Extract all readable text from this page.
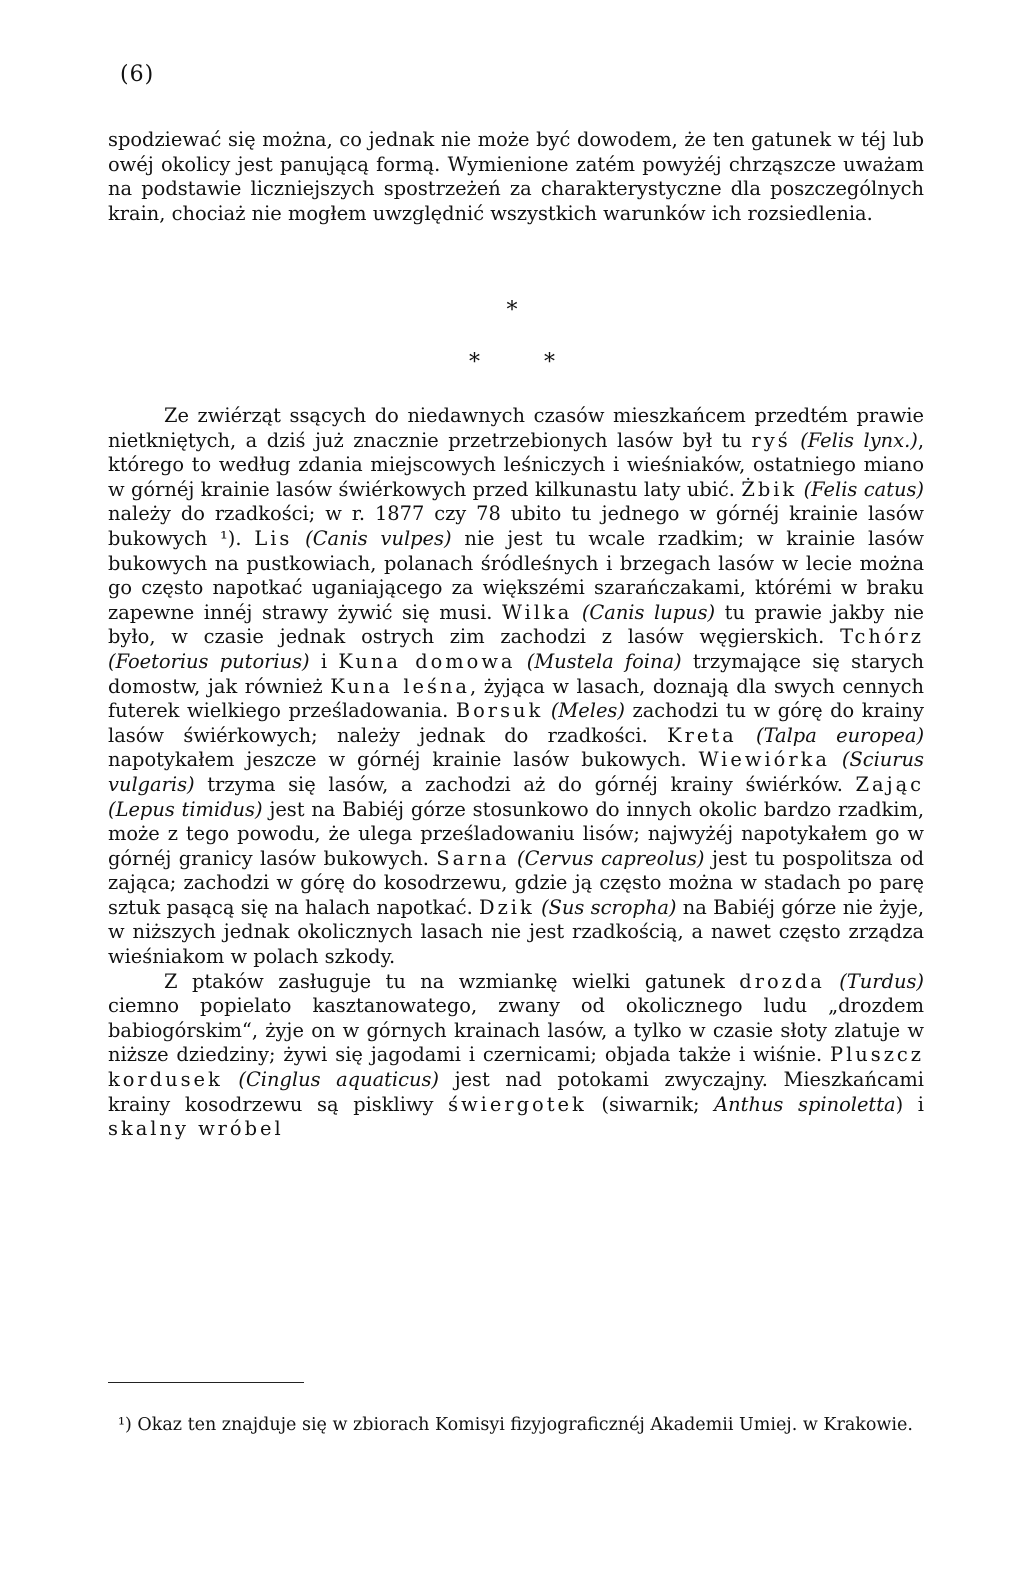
(6)

spodziewać się można, co jednak nie może być dowodem, że ten gatunek w téj lub owéj okolicy jest panującą formą. Wymienione zatém powyżéj chrząszcze uważam na podstawie liczniejszych spostrzeżeń za charakterystyczne dla poszczególnych krain, chociaż nie mogłem uwzględnić wszystkich warunków ich rozsiedlenia.

*
*	*

Ze zwiérząt ssących do niedawnych czasów mieszkańcem przedtém prawie nietkniętych, a dziś już znacznie przetrzebionych lasów był tu ryś (Felis lynx.), którego to według zdania miejscowych leśniczych i wieśniaków, ostatniego miano w górnéj krainie lasów świérkowych przed kilkunastu laty ubić. Żbik (Felis catus) należy do rzadkości; w r. 1877 czy 78 ubito tu jednego w górnéj krainie lasów bukowych ¹). Lis (Canis vulpes) nie jest tu wcale rzadkim; w krainie lasów bukowych na pustkowiach, polanach śródleśnych i brzegach lasów w lecie można go często napotkać uganiającego za większémi szarańczakami, którémi w braku zapewne innéj strawy żywić się musi. Wilka (Canis lupus) tu prawie jakby nie było, w czasie jednak ostrych zim zachodzi z lasów węgierskich. Tchórz (Foetorius putorius) i Kuna domowa (Mustela foina) trzymające się starych domostw, jak również Kuna leśna, żyjąca w lasach, doznają dla swych cennych futerek wielkiego prześladowania. Borsuk (Meles) zachodzi tu w górę do krainy lasów świérkowych; należy jednak do rzadkości. Kreta (Talpa europea) napotykałem jeszcze w górnéj krainie lasów bukowych. Wiewiórka (Sciurus vulgaris) trzyma się lasów, a zachodzi aż do górnéj krainy świérków. Zając (Lepus timidus) jest na Babiéj górze stosunkowo do innych okolic bardzo rzadkim, może z tego powodu, że ulega prześladowaniu lisów; najwyżéj napotykałem go w górnéj granicy lasów bukowych. Sarna (Cervus capreolus) jest tu pospolitsza od zająca; zachodzi w górę do kosodrzewu, gdzie ją często można w stadach po parę sztuk pasącą się na halach napotkać. Dzik (Sus scropha) na Babiéj górze nie żyje, w niższych jednak okolicznych lasach nie jest rzadkością, a nawet często zrządza wieśniakom w polach szkody.

Z ptaków zasługuje tu na wzmiankę wielki gatunek drozda (Turdus) ciemno popielato kasztanowatego, zwany od okolicznego ludu „drozdem babiogórskim“, żyje on w górnych krainach lasów, a tylko w czasie słoty zlatuje w niższe dziedziny; żywi się jagodami i czernicami; objada także i wiśnie. Pluszcz kordusek (Cinglus aquaticus) jest nad potokami zwyczajny. Mieszkańcami krainy kosodrzewu są piskliwy świergotek (siwarnik; Anthus spinoletta) i skalny wróbel

¹) Okaz ten znajduje się w zbiorach Komisyi fizyjograficznéj Akademii Umiej. w Krakowie.
